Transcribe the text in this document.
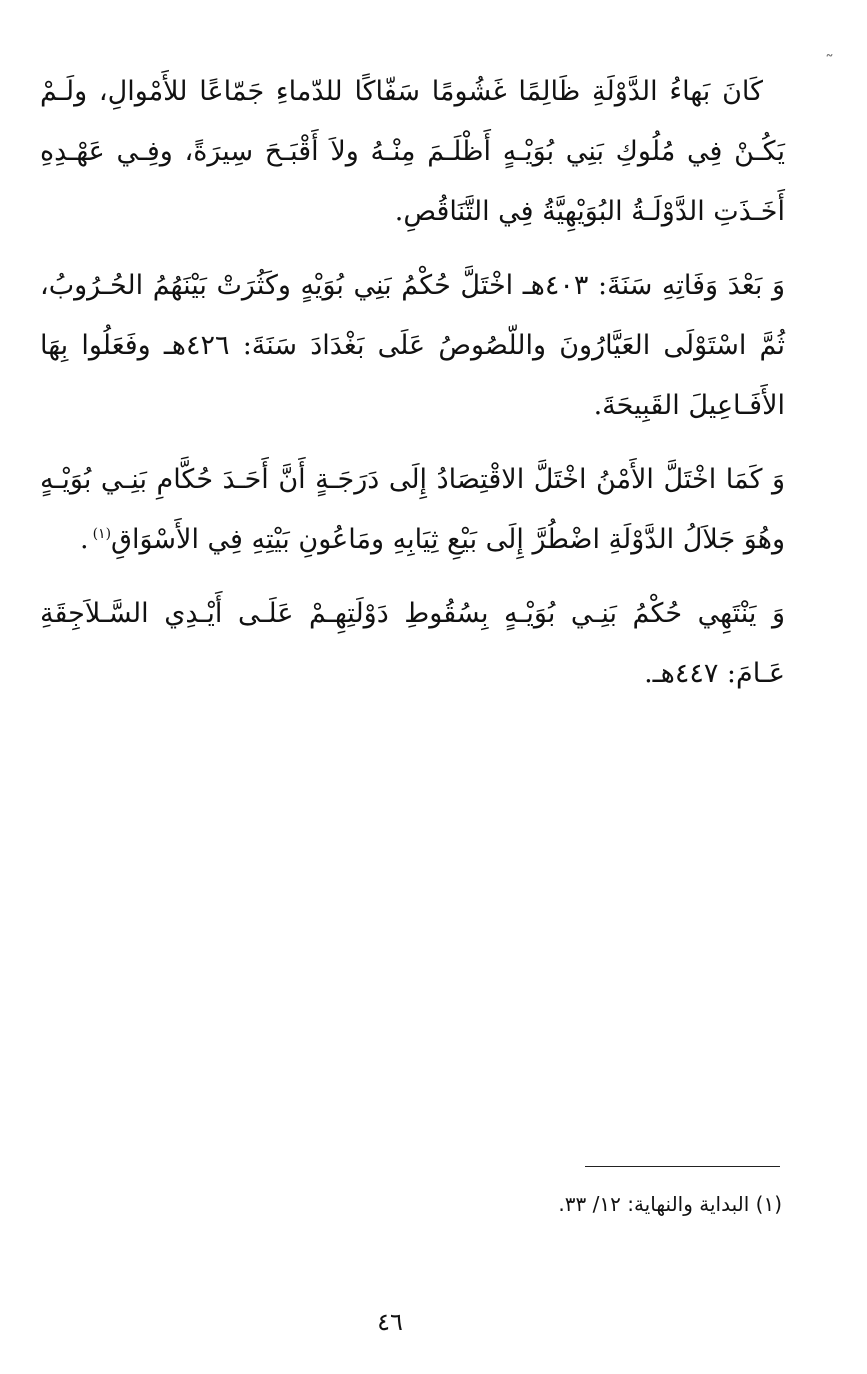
˜

كَانَ بَهاءُ الدَّوْلَةِ ظَالِمًا غَشُومًا سَفّاكًا للدّماءِ جَمّاعًا للأَمْوالِ، ولَـمْ يَكُـنْ فِي مُلُوكِ بَنِي بُوَيْـهٍ أَظْلَـمَ مِنْـهُ ولاَ أَقْبَـحَ سِيرَةً، وفِـي عَهْـدِهِ أَخَـذَتِ الدَّوْلَـةُ البُوَيْهِيَّةُ فِي التَّنَاقُصِ.

وَ بَعْدَ وَفَاتِهِ سَنَةَ: ٤٠٣هـ اخْتَلَّ حُكْمُ بَنِي بُوَيْهٍ وكَثُرَتْ بَيْنَهُمُ الحُـرُوبُ، ثُمَّ اسْتَوْلَى العَيَّارُونَ واللّصُوصُ عَلَى بَغْدَادَ سَنَةَ: ٤٢٦هـ وفَعَلُوا بِهَا الأَفَـاعِيلَ القَبِيحَةَ.

وَ كَمَا اخْتَلَّ الأَمْنُ اخْتَلَّ الاقْتِصَادُ إِلَى دَرَجَـةٍ أَنَّ أَحَـدَ حُكَّامِ بَنِـي بُوَيْـهٍ وهُوَ جَلاَلُ الدَّوْلَةِ اضْطُرَّ إِلَى بَيْعِ ثِيَابِهِ ومَاعُونِ بَيْتِهِ فِي الأَسْوَاقِ$^{(١)}$.

وَ يَنْتَهِي حُكْمُ بَنِـي بُوَيْـهٍ بِسُقُوطِ دَوْلَتِهِـمْ عَلَـى أَيْـدِي السَّـلاَجِقَةِ عَـامَ: ٤٤٧هـ.

(١) البداية والنهاية: ١٢/ ٣٣.
٤٦
